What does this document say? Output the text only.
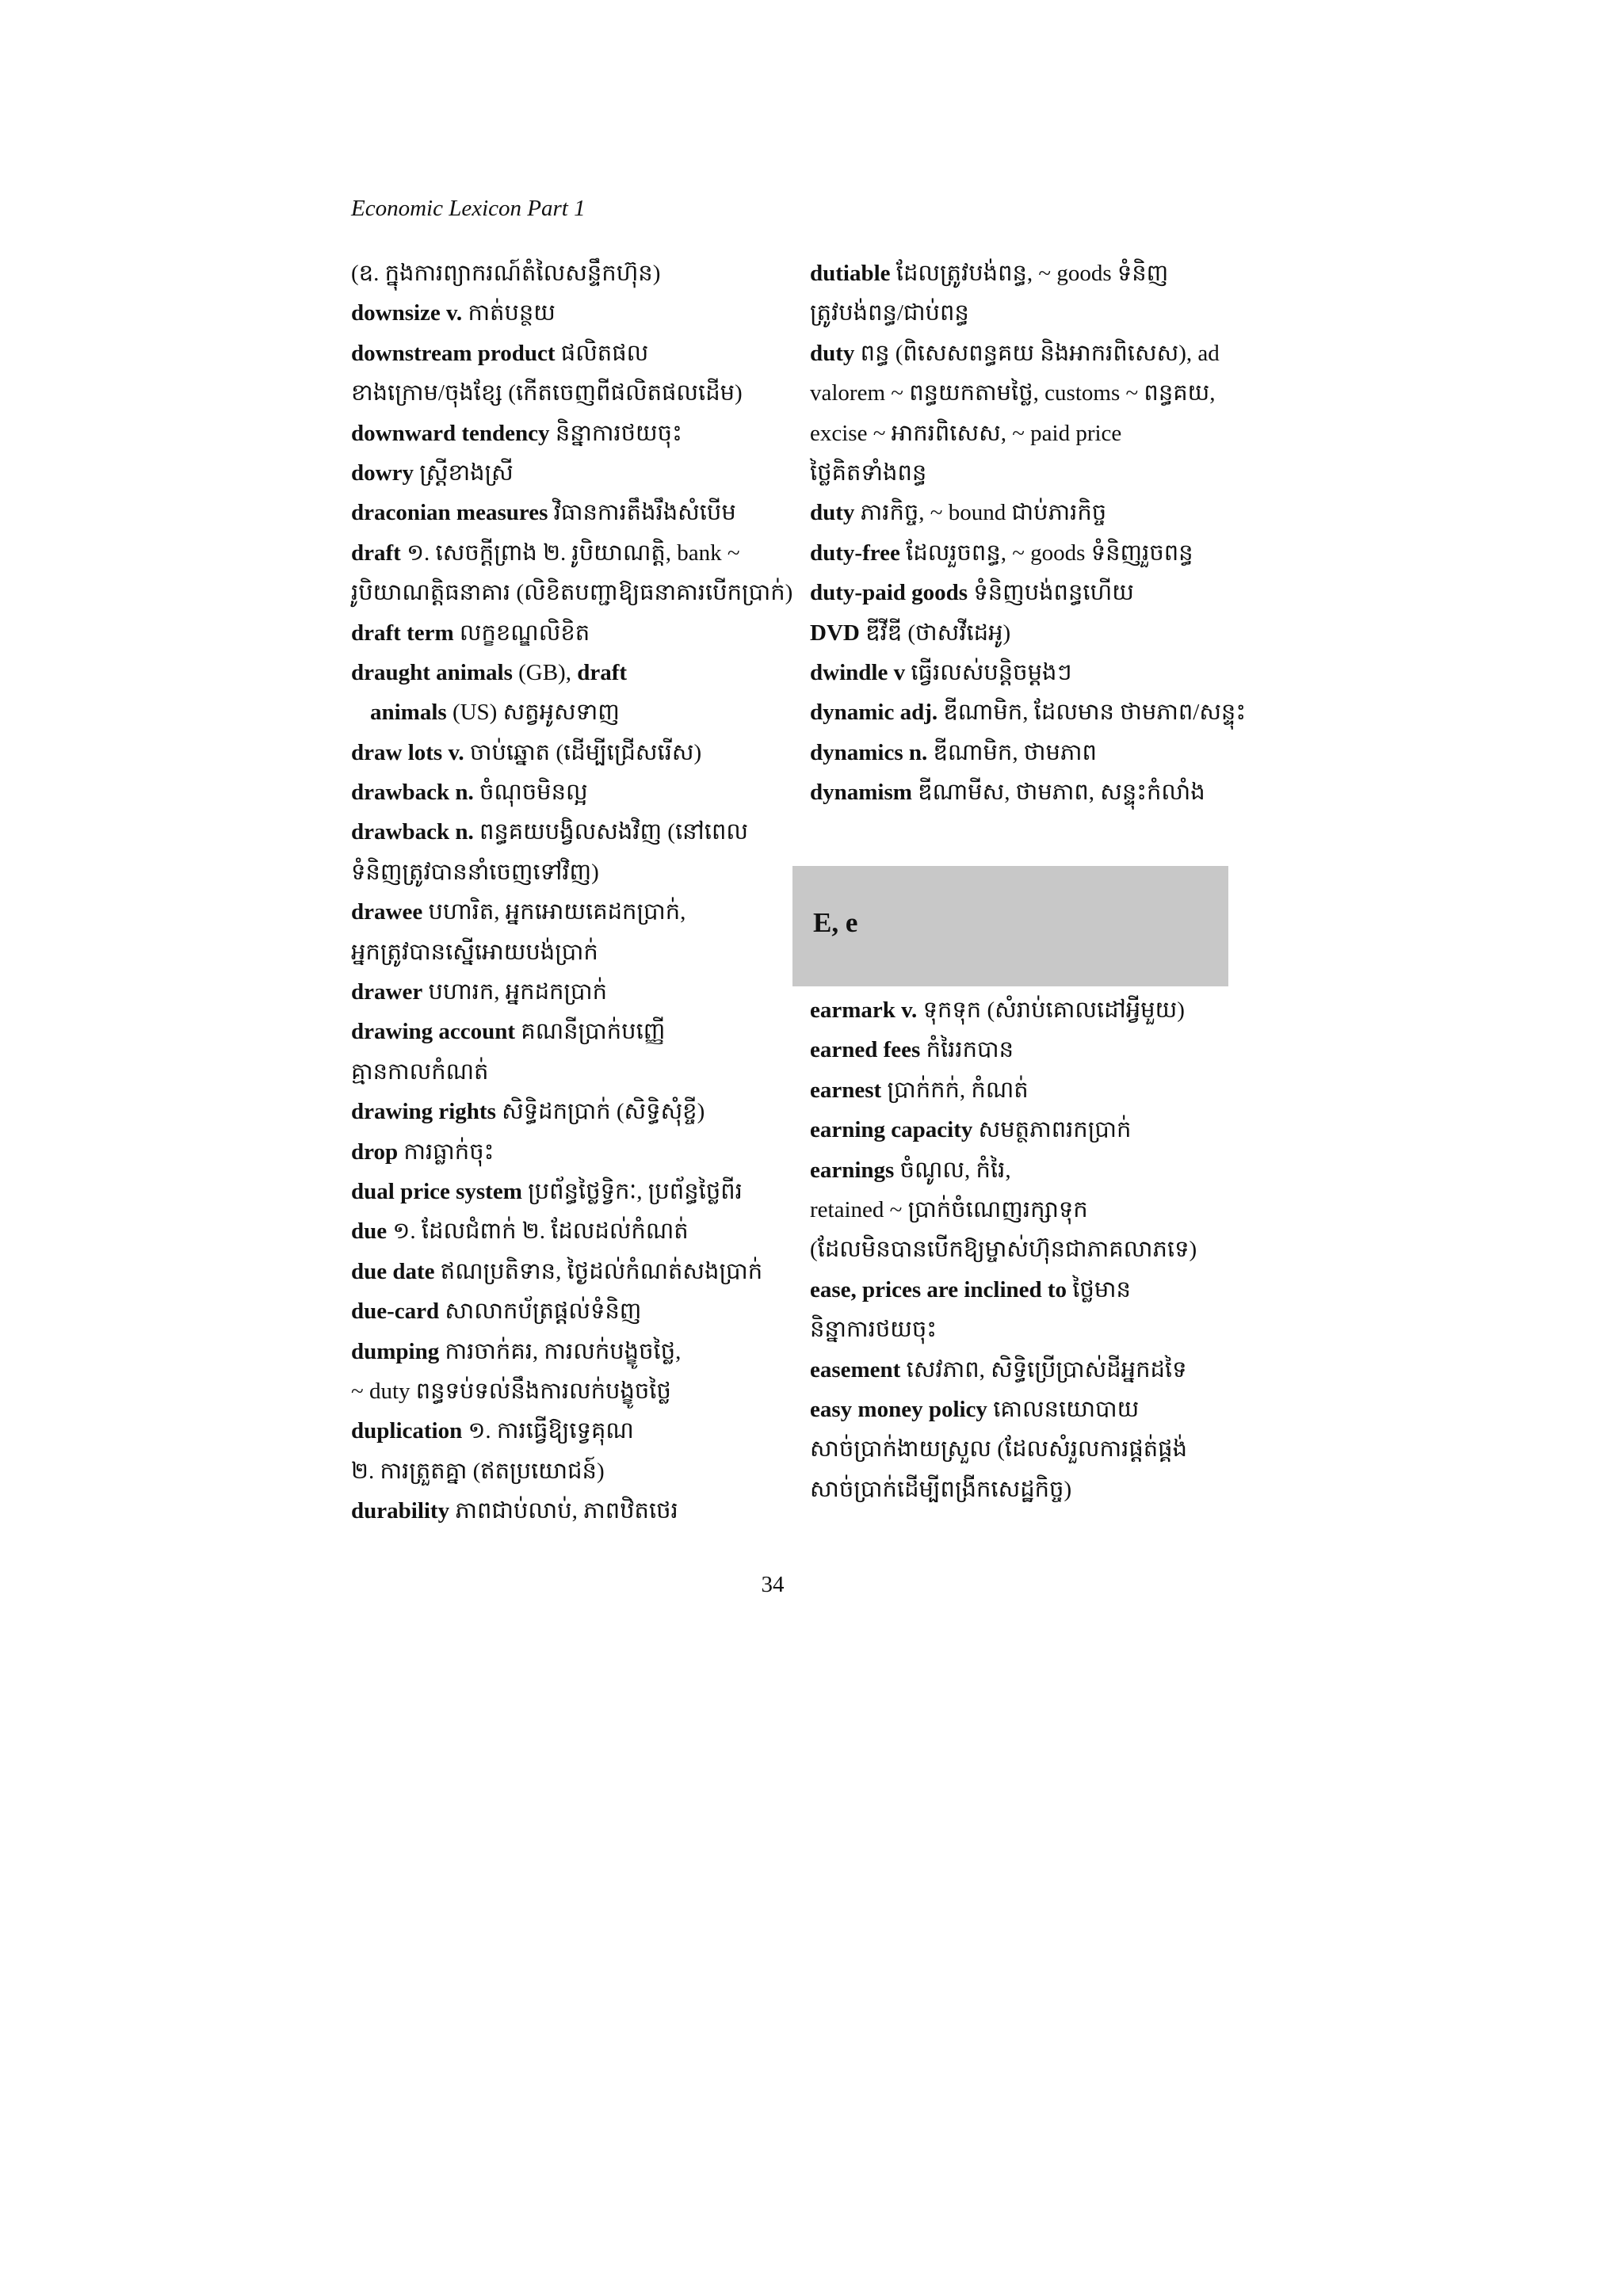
Economic Lexicon Part 1
(ឧ. ក្នុងការព្យាករណ៍តំលៃសន្ទឹកហ៊ុន)
downsize v. កាត់បន្ថយ
downstream product ផលិតផល
ខាងក្រោម/ចុងខ្សែ (កើតចេញពីផលិតផលដើម)
downward tendency និន្នាការថយចុះ
dowry ស្ដ្រីខាងស្រី
draconian measures វិធានការតឹងរឹងសំបើម
draft ១. សេចក្ដីព្រាង ២. រូបិយាណត្តិ, bank ~
រូបិយាណត្តិធនាគារ (លិខិតបញ្ជាឱ្យធនាគារបើកប្រាក់)
draft term លក្ខខណ្ឌលិខិត
draught animals (GB), draft
animals (US) សត្វអូសទាញ
draw lots v. ចាប់ឆ្នោត (ដើម្បីជ្រើសរើស)
drawback n. ចំណុចមិនល្អ
drawback n. ពន្ធគយបង្វិលសងវិញ (នៅពេល
ទំនិញត្រូវបាននាំចេញទៅវិញ)
drawee បហារិត, អ្នកអោយគេដកប្រាក់,
អ្នកត្រូវបានស្នើអោយបង់ប្រាក់
drawer បហារក, អ្នកដកប្រាក់
drawing account គណនីប្រាក់បញ្ញើ
គ្មានកាលកំណត់
drawing rights សិទ្ធិដកប្រាក់ (សិទ្ធិសុំខ្ចី)
drop ការធ្លាក់ចុះ
dual price system ប្រព័ន្ធថ្លៃទ្វិកៈ, ប្រព័ន្ធថ្លៃពីរ
due ១. ដែលជំពាក់ ២. ដែលដល់កំណត់
due date ឥណប្រតិទាន, ថ្ងៃដល់កំណត់សងប្រាក់
due-card សាលាកប័ត្រផ្ដល់ទំនិញ
dumping ការចាក់គរ, ការលក់បង្ខូចថ្លៃ,
~ duty ពន្ធទប់ទល់នឹងការលក់បង្ខូចថ្លៃ
duplication ១. ការធ្វើឱ្យទ្វេគុណ
២. ការត្រួតគ្នា (ឥតប្រយោជន៍)
durability ភាពជាប់លាប់, ភាពឋិតថេរ
dutiable ដែលត្រូវបង់ពន្ធ, ~ goods ទំនិញ
ត្រូវបង់ពន្ធ/ជាប់ពន្ធ
duty ពន្ធ (ពិសេសពន្ធគយ និងអាករពិសេស), ad
valorem ~ ពន្ធយកតាមថ្លៃ, customs ~ ពន្ធគយ,
excise ~ អាករពិសេស, ~ paid price
ថ្លៃគិតទាំងពន្ធ
duty ភារកិច្ច, ~ bound ជាប់ភារកិច្ច
duty-free ដែលរួចពន្ធ, ~ goods ទំនិញរួចពន្ធ
duty-paid goods ទំនិញបង់ពន្ធហើយ
DVD ឌីវីឌី (ថាសវីដេអូ)
dwindle v ធ្វើរលស់បន្តិចម្ដងៗ
dynamic adj. ឌីណាមិក, ដែលមាន ថាមភាព/សន្ទុះ
dynamics n. ឌីណាមិក, ថាមភាព
dynamism ឌីណាមីស, ថាមភាព, សន្ទុះកំលាំង
E, e
earmark v. ទុកទុក (សំរាប់គោលដៅអ្វីមួយ)
earned fees កំរៃរកបាន
earnest ប្រាក់កក់, កំណត់
earning capacity សមត្ថភាពរកប្រាក់
earnings ចំណូល, កំរៃ,
retained ~ ប្រាក់ចំណេញរក្សាទុក
(ដែលមិនបានបើកឱ្យម្ចាស់ហ៊ុនជាភាគលាភទេ)
ease, prices are inclined to ថ្លៃមាន
និន្នាការថយចុះ
easement សេវភាព, សិទ្ធិប្រើប្រាស់ដីអ្នកដទៃ
easy money policy គោលនយោបាយ
សាច់ប្រាក់ងាយស្រួល (ដែលសំរួលការផ្ដត់ផ្គង់
សាច់ប្រាក់ដើម្បីពង្រីកសេដ្ឋកិច្ច)
34
